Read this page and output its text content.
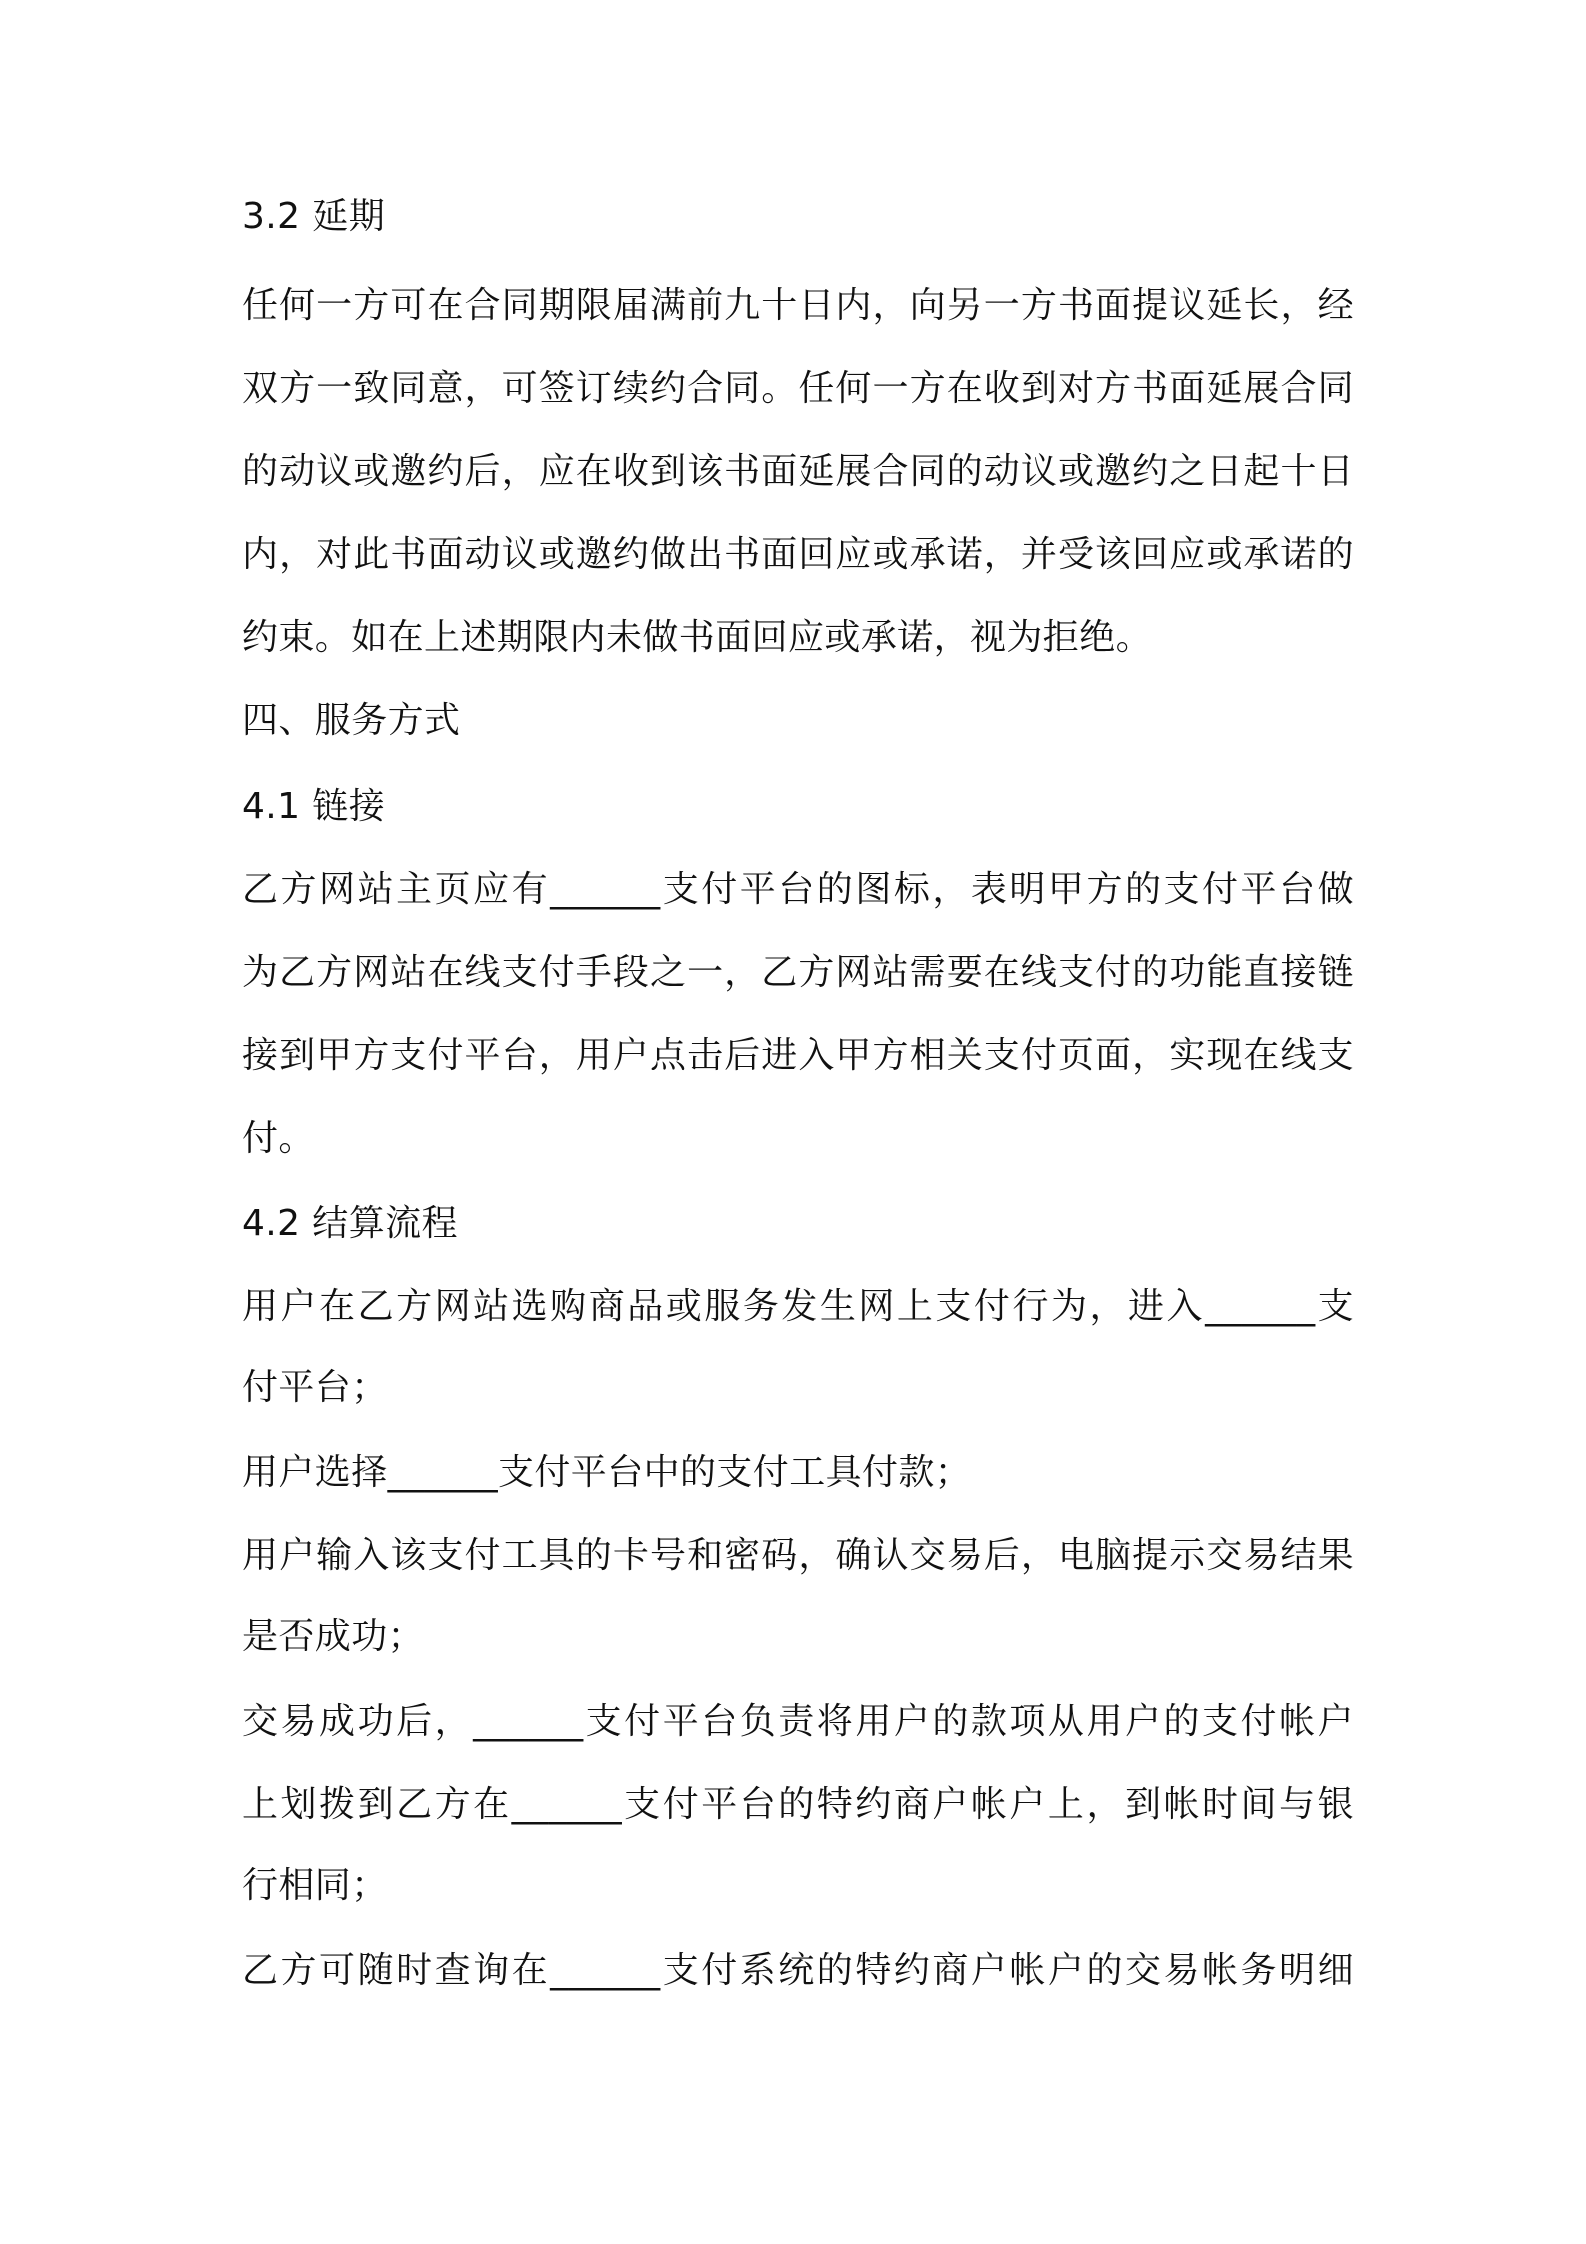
3.2 延期
任何一方可在合同期限届满前九十日内，向另一方书面提议延长，经
双方一致同意，可签订续约合同。任何一方在收到对方书面延展合同
的动议或邀约后，应在收到该书面延展合同的动议或邀约之日起十日
内，对此书面动议或邀约做出书面回应或承诺，并受该回应或承诺的
约束。如在上述期限内未做书面回应或承诺，视为拒绝。
四、服务方式
4.1 链接
乙方网站主页应有______支付平台的图标，表明甲方的支付平台做
为乙方网站在线支付手段之一，乙方网站需要在线支付的功能直接链
接到甲方支付平台，用户点击后进入甲方相关支付页面，实现在线支
付。
4.2 结算流程
用户在乙方网站选购商品或服务发生网上支付行为，进入______支
付平台；
用户选择______支付平台中的支付工具付款；
用户输入该支付工具的卡号和密码，确认交易后，电脑提示交易结果
是否成功；
交易成功后，______支付平台负责将用户的款项从用户的支付帐户
上划拨到乙方在______支付平台的特约商户帐户上，到帐时间与银
行相同；
乙方可随时查询在______支付系统的特约商户帐户的交易帐务明细
